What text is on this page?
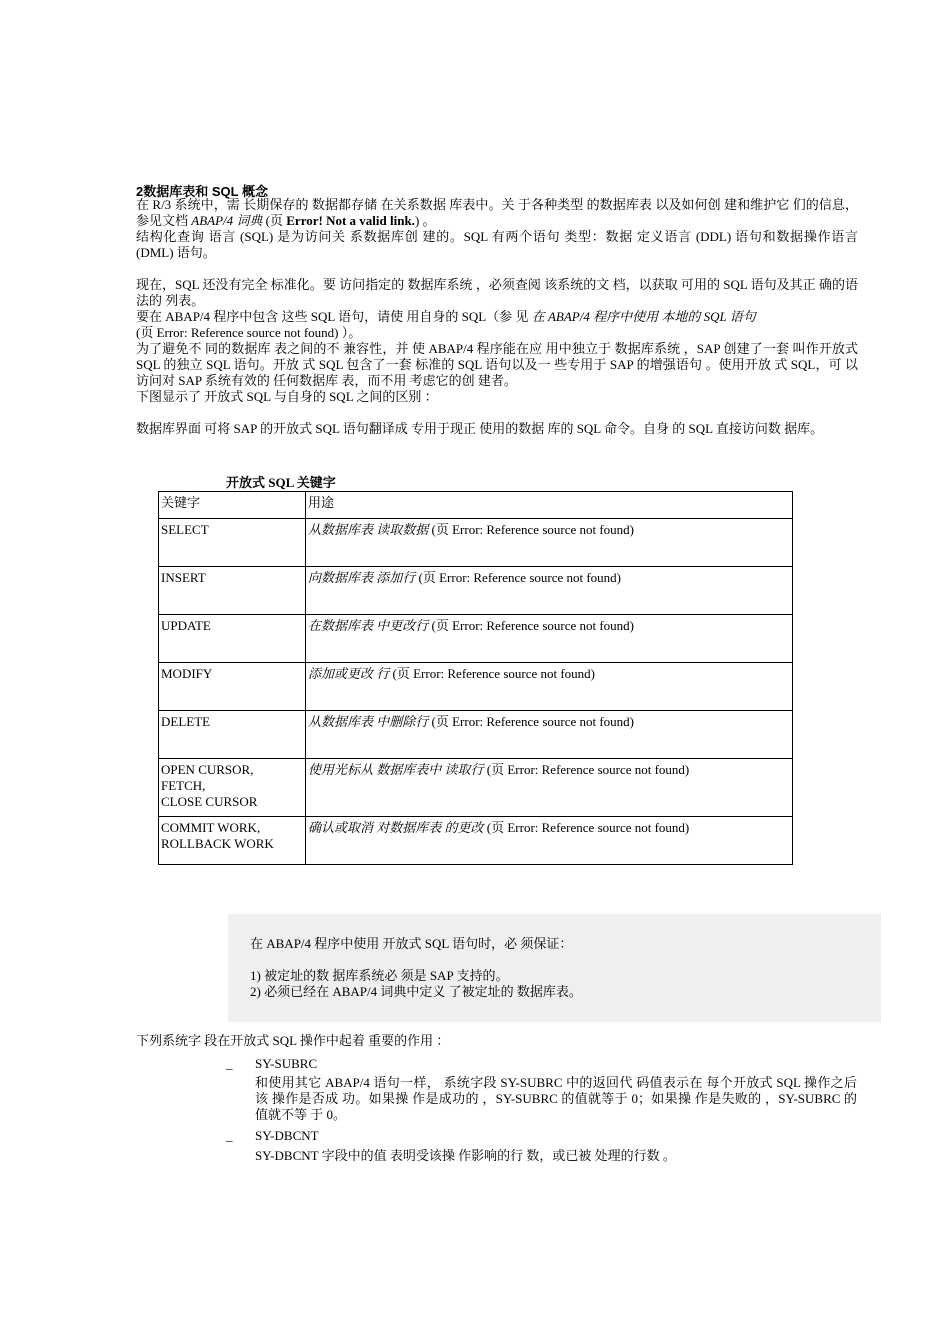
2数据库表和 SQL 概念
在 R/3 系统中，需 长期保存的 数据都存储 在关系数据 库表中。关 于各种类型 的数据库表 以及如何创 建和维护它 们的信息， 参见文档 ABAP/4 词典 (页 Error! Not a valid link.) 。
结构化查询 语言 (SQL) 是为访问关 系数据库创 建的。SQL 有两个语句 类型：数据 定义语言 (DDL) 语句和数据操作语言 (DML) 语句。
现在，SQL 还没有完全 标准化。要 访问指定的 数据库系统 ，必须查阅 该系统的文 档，以获取 可用的 SQL 语句及其正 确的语法的 列表。
要在 ABAP/4 程序中包含 这些 SQL 语句，请使 用自身的 SQL（参 见 在 ABAP/4 程序中使用 本地的 SQL 语句
(页 Error: Reference source not found) ）。
为了避免不 同的数据库 表之间的不 兼容性，并 使 ABAP/4 程序能在应 用中独立于 数据库系统 ，SAP 创建了一套 叫作开放式 SQL 的独立 SQL 语句。开放 式 SQL 包含了一套 标准的 SQL 语句以及一 些专用于 SAP 的增强语句 。使用开放 式 SQL，可 以访问对 SAP 系统有效的 任何数据库 表，而不用 考虑它的创 建者。
下图显示了 开放式 SQL 与自身的 SQL 之间的区别 ：
数据库界面 可将 SAP 的开放式 SQL 语句翻译成 专用于现正 使用的数据 库的 SQL 命令。自身 的 SQL 直接访问数 据库。
开放式 SQL 关键字
关键字	用途
SELECT	从数据库表 读取数据 (页 Error: Reference source not found)
INSERT	向数据库表 添加行 (页 Error: Reference source not found)
UPDATE	在数据库表 中更改行 (页 Error: Reference source not found)
MODIFY	添加或更改 行 (页 Error: Reference source not found)
DELETE	从数据库表 中删除行 (页 Error: Reference source not found)
OPEN CURSOR,
FETCH,
CLOSE CURSOR	使用光标从 数据库表中 读取行 (页 Error: Reference source not found)
COMMIT WORK,
ROLLBACK WORK	确认或取消 对数据库表 的更改 (页 Error: Reference source not found)
在 ABAP/4 程序中使用 开放式 SQL 语句时，必 须保证：
1) 被定址的数 据库系统必 须是 SAP 支持的。
2) 必须已经在 ABAP/4 词典中定义 了被定址的 数据库表。
下列系统字 段在开放式 SQL 操作中起着 重要的作用 ：
_ SY-SUBRC
和使用其它 ABAP/4 语句一样， 系统字段 SY-SUBRC 中的返回代 码值表示在 每个开放式 SQL 操作之后该 操作是否成 功。如果操 作是成功的 ，SY-SUBRC 的值就等于 0；如果操 作是失败的 ，SY-SUBRC 的值就不等 于 0。
_ SY-DBCNT
SY-DBCNT 字段中的值 表明受该操 作影响的行 数，或已被 处理的行数 。
